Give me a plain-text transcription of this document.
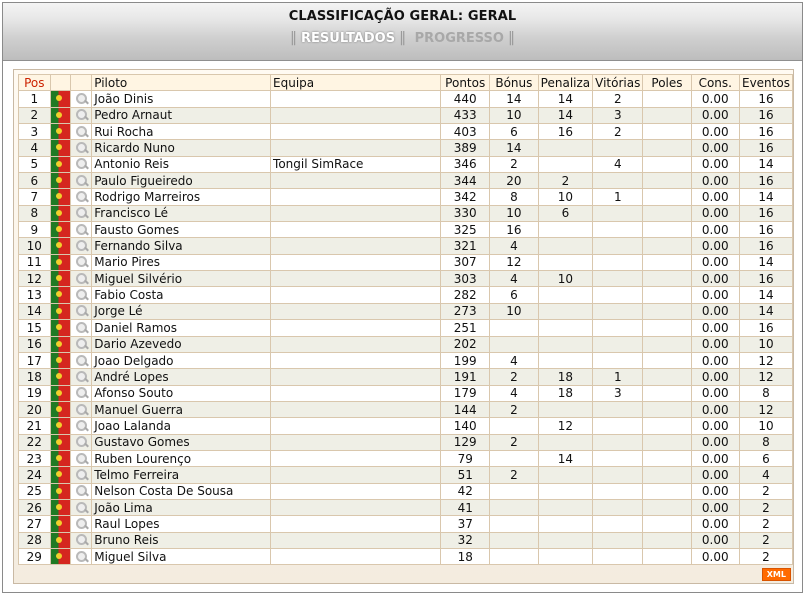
CLASSIFICAÇÃO GERAL: GERAL
‖ RESULTADOS ‖ PROGRESSO ‖
Pos			Piloto	Equipa	Pontos	Bónus	Penaliza	Vitórias	Poles	Cons.	Eventos
1			João Dinis		440	14	14	2		0.00	16
2			Pedro Arnaut		433	10	14	3		0.00	16
3			Rui Rocha		403	6	16	2		0.00	16
4			Ricardo Nuno		389	14				0.00	16
5			Antonio Reis	Tongil SimRace	346	2		4		0.00	14
6			Paulo Figueiredo		344	20	2			0.00	16
7			Rodrigo Marreiros		342	8	10	1		0.00	14
8			Francisco Lé		330	10	6			0.00	16
9			Fausto Gomes		325	16				0.00	16
10			Fernando Silva		321	4				0.00	16
11			Mario Pires		307	12				0.00	14
12			Miguel Silvério		303	4	10			0.00	16
13			Fabio Costa		282	6				0.00	14
14			Jorge Lé		273	10				0.00	14
15			Daniel Ramos		251					0.00	16
16			Dario Azevedo		202					0.00	10
17			Joao Delgado		199	4				0.00	12
18			André Lopes		191	2	18	1		0.00	12
19			Afonso Souto		179	4	18	3		0.00	8
20			Manuel Guerra		144	2				0.00	12
21			Joao Lalanda		140		12			0.00	10
22			Gustavo Gomes		129	2				0.00	8
23			Ruben Lourenço		79		14			0.00	6
24			Telmo Ferreira		51	2				0.00	4
25			Nelson Costa De Sousa		42					0.00	2
26			João Lima		41					0.00	2
27			Raul Lopes		37					0.00	2
28			Bruno Reis		32					0.00	2
29			Miguel Silva		18					0.00	2
XML
